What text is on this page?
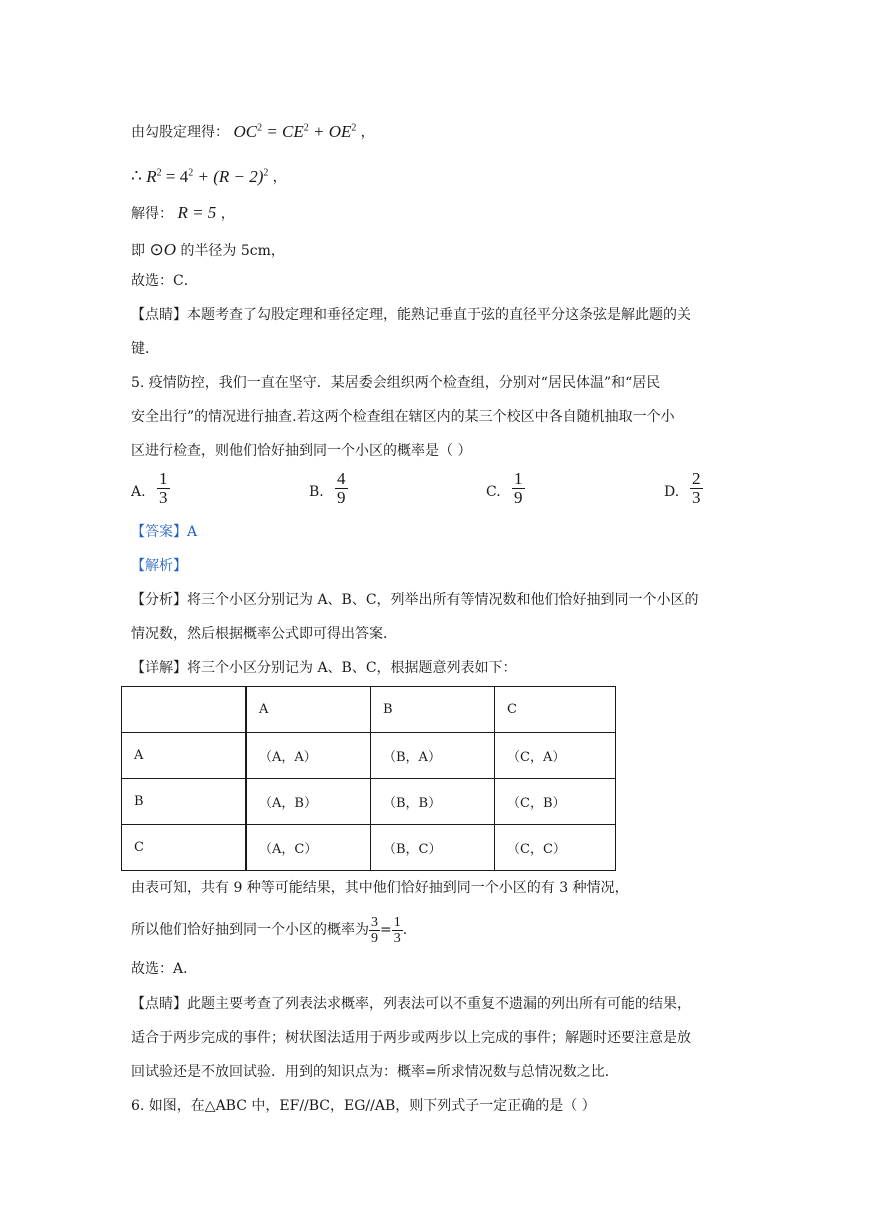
由勾股定理得： $OC^2 = CE^2 + OE^2$ ，
∴ $R^2 = 4^2 + (R - 2)^2$ ，
解得： R = 5 ，
即 ⊙O 的半径为 5cm，
故选：C．
【点睛】本题考查了勾股定理和垂径定理，能熟记垂直于弦的直径平分这条弦是解此题的关
键．
5. 疫情防控，我们一直在坚守．某居委会组织两个检查组，分别对“居民体温”和“居民
安全出行”的情况进行抽查.若这两个检查组在辖区内的某三个校区中各自随机抽取一个小
区进行检查，则他们恰好抽到同一个小区的概率是（ ）
A. $\frac{1}{3}$	B. $\frac{4}{9}$	C. $\frac{1}{9}$	D. $\frac{2}{3}$
【答案】A
【解析】
【分析】将三个小区分别记为 A、B、C，列举出所有等情况数和他们恰好抽到同一个小区的
情况数，然后根据概率公式即可得出答案．
【详解】将三个小区分别记为 A、B、C，根据题意列表如下：
	A	B	C
A	（A，A）	（B，A）	（C，A）
B	（A，B）	（B，B）	（C，B）
C	（A，C）	（B，C）	（C，C）
由表可知，共有 9 种等可能结果，其中他们恰好抽到同一个小区的有 3 种情况，
所以他们恰好抽到同一个小区的概率为 $\frac{3}{9} = \frac{1}{3}$ .
故选：A．
【点睛】此题主要考查了列表法求概率，列表法可以不重复不遗漏的列出所有可能的结果，
适合于两步完成的事件；树状图法适用于两步或两步以上完成的事件；解题时还要注意是放
回试验还是不放回试验．用到的知识点为：概率=所求情况数与总情况数之比．
6. 如图，在△ABC 中，EF//BC，EG//AB，则下列式子一定正确的是（ ）
